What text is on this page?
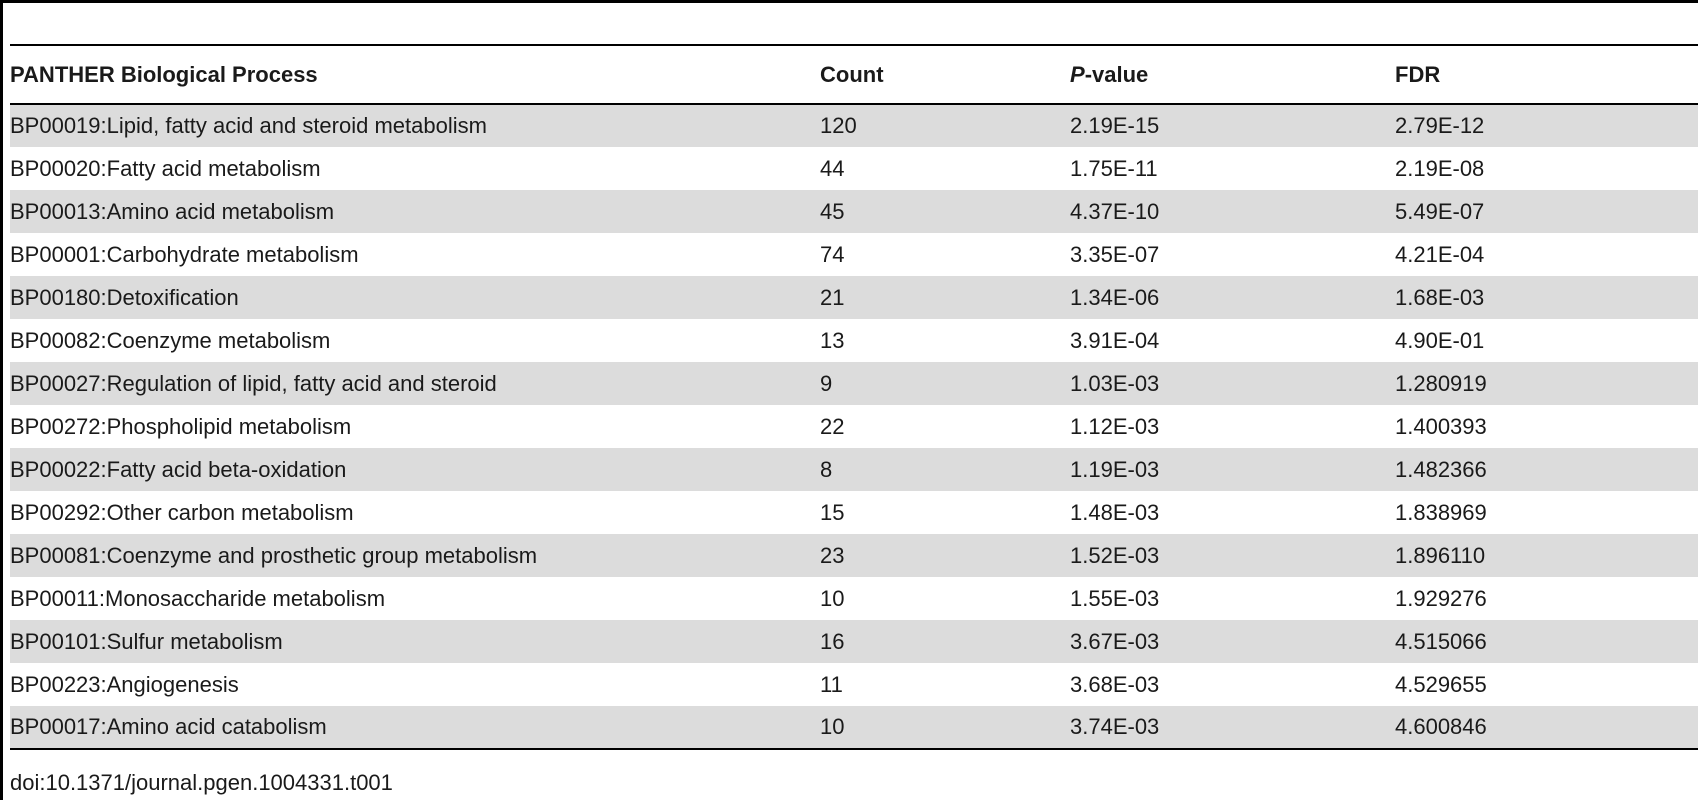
PANTHER Biological Process	Count	P-value	FDR
BP00019:Lipid, fatty acid and steroid metabolism	120	2.19E-15	2.79E-12
BP00020:Fatty acid metabolism	44	1.75E-11	2.19E-08
BP00013:Amino acid metabolism	45	4.37E-10	5.49E-07
BP00001:Carbohydrate metabolism	74	3.35E-07	4.21E-04
BP00180:Detoxification	21	1.34E-06	1.68E-03
BP00082:Coenzyme metabolism	13	3.91E-04	4.90E-01
BP00027:Regulation of lipid, fatty acid and steroid	9	1.03E-03	1.280919
BP00272:Phospholipid metabolism	22	1.12E-03	1.400393
BP00022:Fatty acid beta-oxidation	8	1.19E-03	1.482366
BP00292:Other carbon metabolism	15	1.48E-03	1.838969
BP00081:Coenzyme and prosthetic group metabolism	23	1.52E-03	1.896110
BP00011:Monosaccharide metabolism	10	1.55E-03	1.929276
BP00101:Sulfur metabolism	16	3.67E-03	4.515066
BP00223:Angiogenesis	11	3.68E-03	4.529655
BP00017:Amino acid catabolism	10	3.74E-03	4.600846
doi:10.1371/journal.pgen.1004331.t001
